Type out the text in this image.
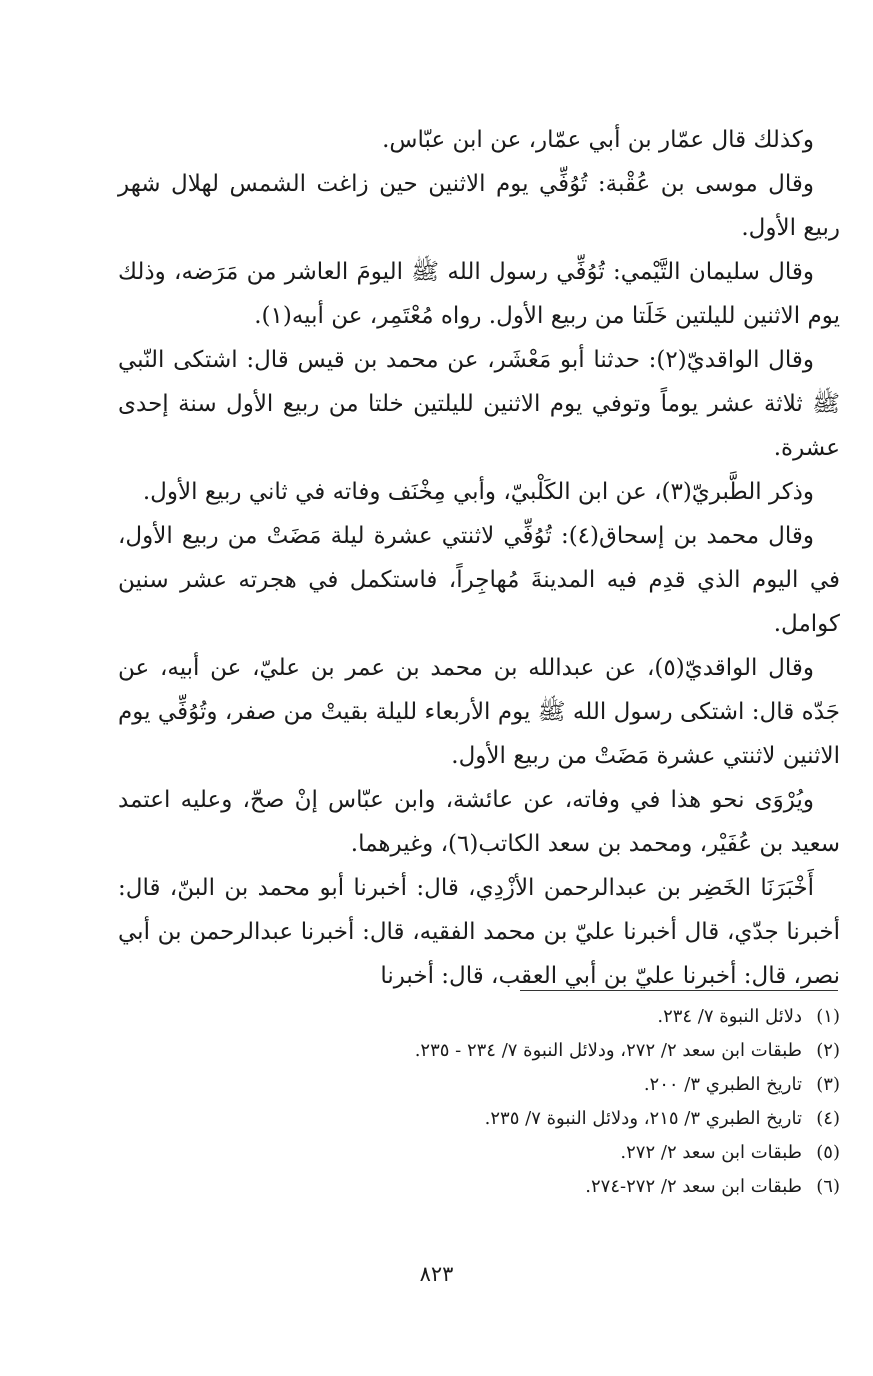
وكذلك قال عمّار بن أبي عمّار، عن ابن عبّاس.

وقال موسى بن عُقْبة: تُوُفِّي يوم الاثنين حين زاغت الشمس لهلال شهر ربيع الأول.

وقال سليمان التَّيْمي: تُوُفِّي رسول الله ﷺ اليومَ العاشر من مَرَضه، وذلك يوم الاثنين لليلتين خَلَتا من ربيع الأول. رواه مُعْتَمِر، عن أبيه(١).

وقال الواقديّ(٢): حدثنا أبو مَعْشَر، عن محمد بن قيس قال: اشتكى النّبي ﷺ ثلاثة عشر يوماً وتوفي يوم الاثنين لليلتين خلتا من ربيع الأول سنة إحدى عشرة.

وذكر الطَّبريّ(٣)، عن ابن الكَلْبيّ، وأبي مِخْنَف وفاته في ثاني ربيع الأول.

وقال محمد بن إسحاق(٤): تُوُفِّي لاثنتي عشرة ليلة مَضَتْ من ربيع الأول، في اليوم الذي قدِم فيه المدينةَ مُهاجِراً، فاستكمل في هجرته عشر سنين كوامل.

وقال الواقديّ(٥)، عن عبدالله بن محمد بن عمر بن عليّ، عن أبيه، عن جَدّه قال: اشتكى رسول الله ﷺ يوم الأربعاء لليلة بقيتْ من صفر، وتُوُفِّي يوم الاثنين لاثنتي عشرة مَضَتْ من ربيع الأول.

ويُرْوَى نحو هذا في وفاته، عن عائشة، وابن عبّاس إنْ صحّ، وعليه اعتمد سعيد بن عُفَيْر، ومحمد بن سعد الكاتب(٦)، وغيرهما.

أَخْبَرَنَا الخَضِر بن عبدالرحمن الأزْدِي، قال: أخبرنا أبو محمد بن البنّ، قال: أخبرنا جدّي، قال أخبرنا عليّ بن محمد الفقيه، قال: أخبرنا عبدالرحمن بن أبي نصر، قال: أخبرنا عليّ بن أبي العقب، قال: أخبرنا

(١)
دلائل النبوة ٧/ ٢٣٤.
(٢)
طبقات ابن سعد ٢/ ٢٧٢، ودلائل النبوة ٧/ ٢٣٤ - ٢٣٥.
(٣)
تاريخ الطبري ٣/ ٢٠٠.
(٤)
تاريخ الطبري ٣/ ٢١٥، ودلائل النبوة ٧/ ٢٣٥.
(٥)
طبقات ابن سعد ٢/ ٢٧٢.
(٦)
طبقات ابن سعد ٢/ ٢٧٢-٢٧٤.
٨٢٣
